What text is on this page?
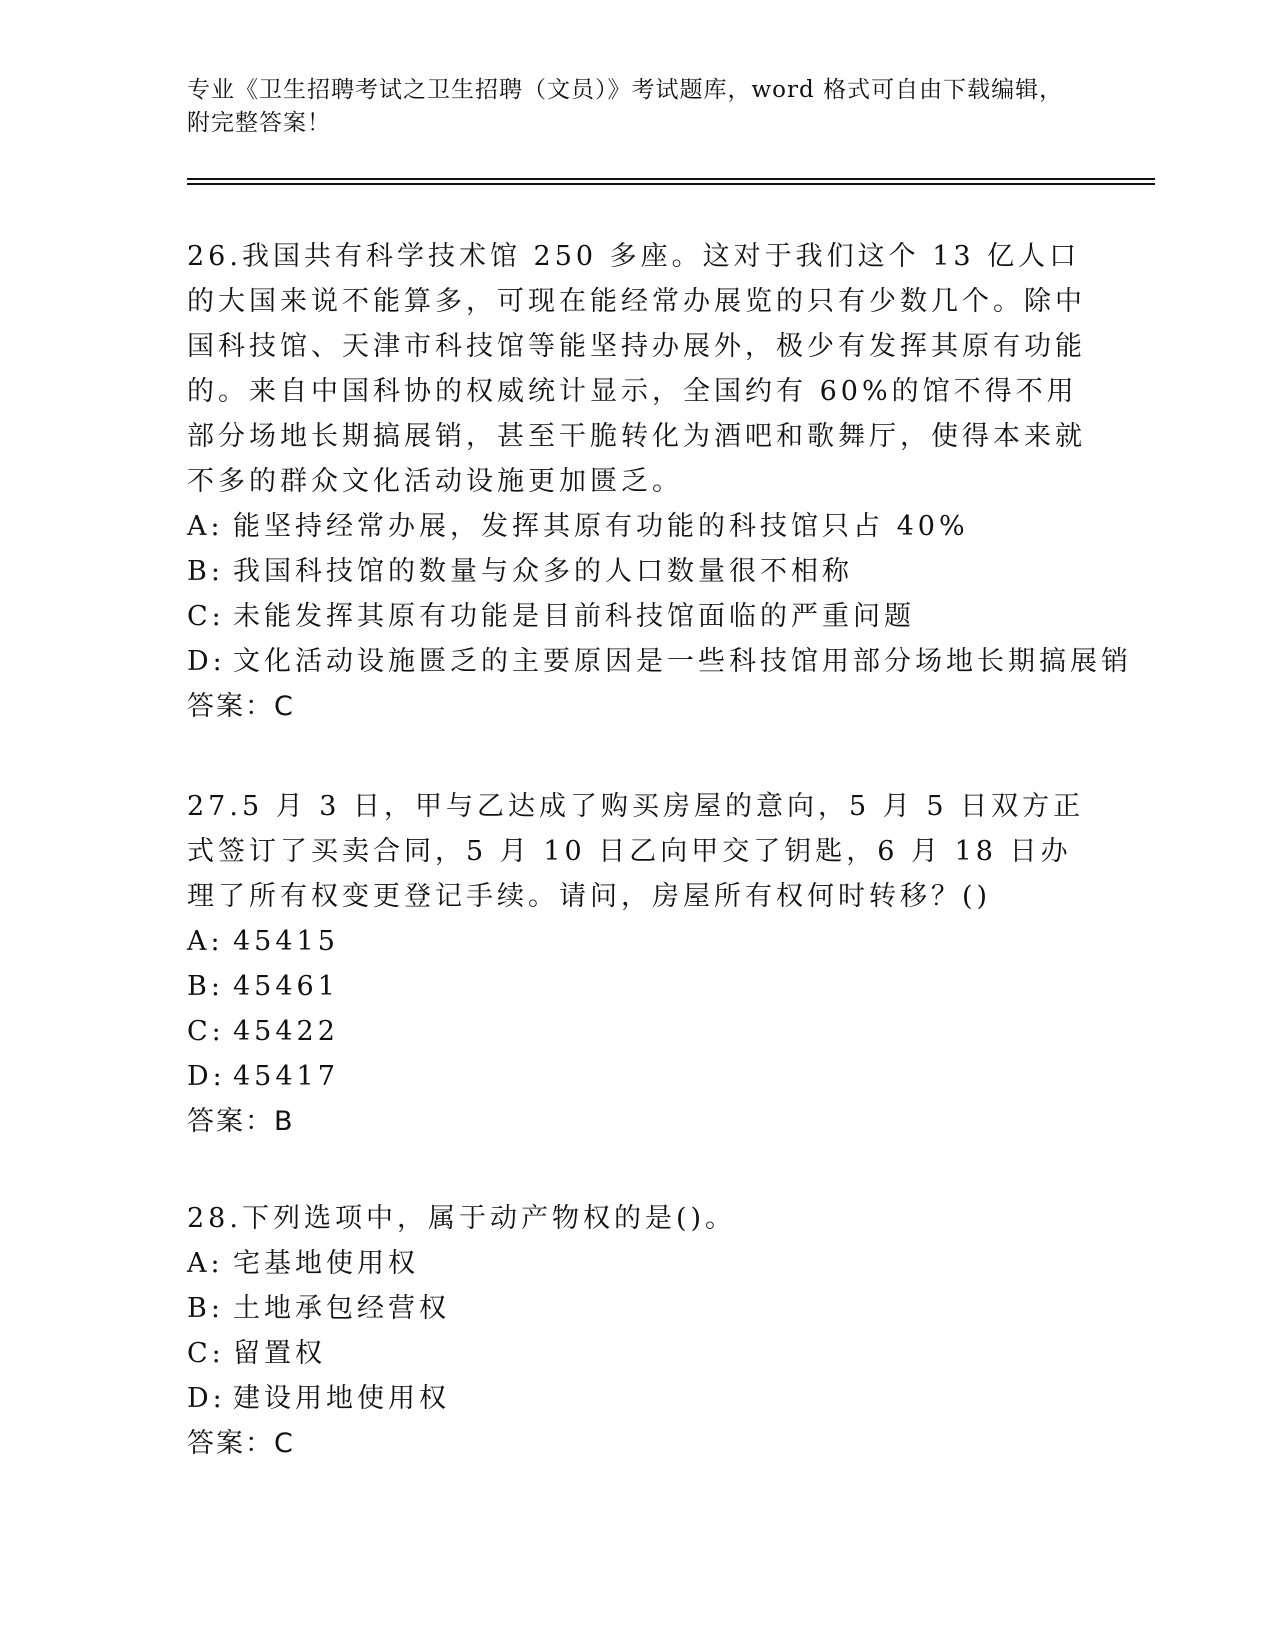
专业《卫生招聘考试之卫生招聘（文员）》考试题库，word 格式可自由下载编辑，附完整答案！

26.我国共有科学技术馆 250 多座。这对于我们这个 13 亿人口的大国来说不能算多，可现在能经常办展览的只有少数几个。除中国科技馆、天津市科技馆等能坚持办展外，极少有发挥其原有功能的。来自中国科协的权威统计显示，全国约有 60%的馆不得不用部分场地长期搞展销，甚至干脆转化为酒吧和歌舞厅，使得本来就不多的群众文化活动设施更加匮乏。

A: 能坚持经常办展，发挥其原有功能的科技馆只占 40%

B: 我国科技馆的数量与众多的人口数量很不相称

C: 未能发挥其原有功能是目前科技馆面临的严重问题

D: 文化活动设施匮乏的主要原因是一些科技馆用部分场地长期搞展销

答案：C

27.5 月 3 日，甲与乙达成了购买房屋的意向，5 月 5 日双方正式签订了买卖合同，5 月 10 日乙向甲交了钥匙，6 月 18 日办理了所有权变更登记手续。请问，房屋所有权何时转移？()

A: 45415

B: 45461

C: 45422

D: 45417

答案：B

28.下列选项中，属于动产物权的是()。

A: 宅基地使用权

B: 土地承包经营权

C: 留置权

D: 建设用地使用权

答案：C
